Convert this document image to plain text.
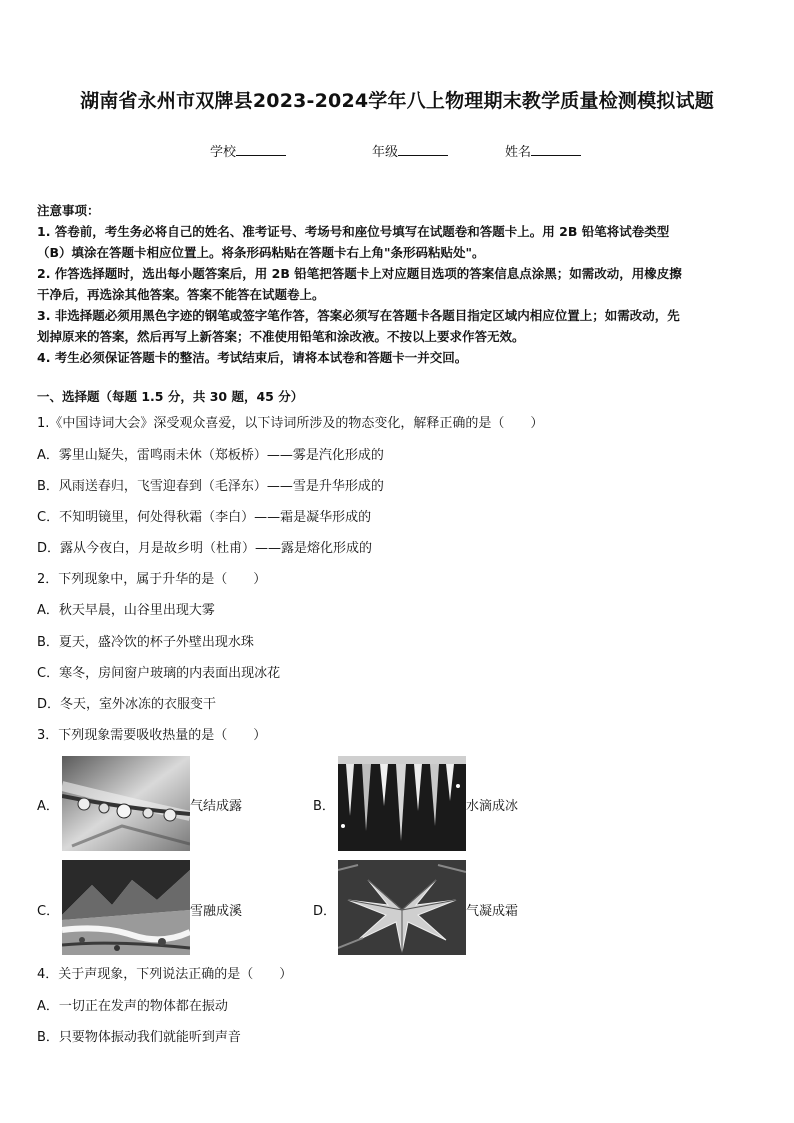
湖南省永州市双牌县2023-2024学年八上物理期末教学质量检测模拟试题
学校	年级	姓名
注意事项：
1. 答卷前，考生务必将自己的姓名、准考证号、考场号和座位号填写在试题卷和答题卡上。用 2B 铅笔将试卷类型
（B）填涂在答题卡相应位置上。将条形码粘贴在答题卡右上角"条形码粘贴处"。
2. 作答选择题时，选出每小题答案后，用 2B 铅笔把答题卡上对应题目选项的答案信息点涂黑；如需改动，用橡皮擦
干净后，再选涂其他答案。答案不能答在试题卷上。
3. 非选择题必须用黑色字迹的钢笔或签字笔作答，答案必须写在答题卡各题目指定区域内相应位置上；如需改动，先
划掉原来的答案，然后再写上新答案；不准使用铅笔和涂改液。不按以上要求作答无效。
4. 考生必须保证答题卡的整洁。考试结束后，请将本试卷和答题卡一并交回。
一、选择题（每题 1.5 分，共 30 题，45 分）
1.《中国诗词大会》深受观众喜爱，以下诗词所涉及的物态变化，解释正确的是（　　）
A．雾里山疑失，雷鸣雨未休（郑板桥）——雾是汽化形成的
B．风雨送春归，飞雪迎春到（毛泽东）——雪是升华形成的
C．不知明镜里，何处得秋霜（李白）——霜是凝华形成的
D．露从今夜白，月是故乡明（杜甫）——露是熔化形成的
2．下列现象中，属于升华的是（　　）
A．秋天早晨，山谷里出现大雾
B．夏天，盛冷饮的杯子外壁出现水珠
C．寒冬，房间窗户玻璃的内表面出现冰花
D．冬天，室外冰冻的衣服变干
3．下列现象需要吸收热量的是（　　）
A．	气结成露	B．	水滴成冰
C．	雪融成溪	D．	气凝成霜
4．关于声现象，下列说法正确的是（　　）
A．一切正在发声的物体都在振动
B．只要物体振动我们就能听到声音
